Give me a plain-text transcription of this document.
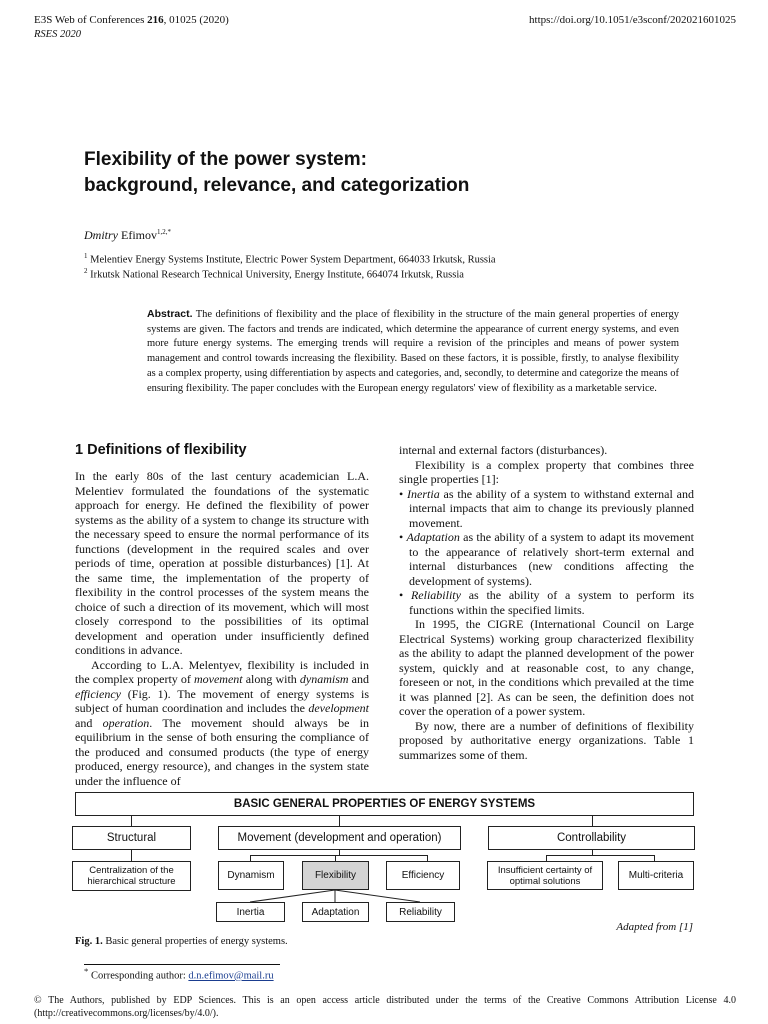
E3S Web of Conferences 216, 01025 (2020)
RSES 2020
https://doi.org/10.1051/e3sconf/202021601025
Flexibility of the power system:
background, relevance, and categorization
Dmitry Efimov$^{1,2,*}$
$^1$ Melentiev Energy Systems Institute, Electric Power System Department, 664033 Irkutsk, Russia
$^2$ Irkutsk National Research Technical University, Energy Institute, 664074 Irkutsk, Russia
Abstract. The definitions of flexibility and the place of flexibility in the structure of the main general properties of energy systems are given. The factors and trends are indicated, which determine the appearance of current energy systems, and even more future energy systems. The emerging trends will require a revision of the principles and means of power system management and control towards increasing the flexibility. Based on these factors, it is possible, firstly, to analyse flexibility as a complex property, using differentiation by aspects and categories, and, secondly, to determine and categorize the means of ensuring flexibility. The paper concludes with the European energy regulators' view of flexibility as a marketable service.
1 Definitions of flexibility

In the early 80s of the last century academician L.A. Melentiev formulated the foundations of the systematic approach for energy. He defined the flexibility of power systems as the ability of a system to change its structure with the necessary speed to ensure the normal performance of its functions (development in the required scales and over periods of time, operation at possible disturbances) [1]. At the same time, the implementation of the property of flexibility in the control processes of the system means the choice of such a direction of its movement, which will most closely correspond to the possibilities of its optimal development and operation under insufficiently defined conditions in advance.

According to L.A. Melentyev, flexibility is included in the complex property of movement along with dynamism and efficiency (Fig. 1). The movement of energy systems is subject of human coordination and includes the development and operation. The movement should always be in equilibrium in the sense of both ensuring the compliance of the produced and consumed products (the type of energy produced, energy resource), and changes in the system state under the influence of

internal and external factors (disturbances).

Flexibility is a complex property that combines three single properties [1]:

• Inertia as the ability of a system to withstand external and internal impacts that aim to change its previously planned movement.

• Adaptation as the ability of a system to adapt its movement to the appearance of relatively short-term external and internal disturbances (new conditions affecting the development of systems).

• Reliability as the ability of a system to perform its functions within the specified limits.

In 1995, the CIGRE (International Council on Large Electrical Systems) working group characterized flexibility as the ability to adapt the planned development of the power system, quickly and at reasonable cost, to any change, foreseen or not, in the conditions which prevailed at the time it was planned [2]. As can be seen, the definition does not cover the operation of a power system.

By now, there are a number of definitions of flexibility proposed by authoritative energy organizations. Table 1 summarizes some of them.

BASIC GENERAL PROPERTIES OF ENERGY SYSTEMS
Structural	Movement (development and operation)	Controllability
Centralization of the hierarchical structure
Dynamism	Flexibility	Efficiency	Insufficient certainty of optimal solutions	Multi-criteria
Inertia	Adaptation	Reliability
Adapted from [1]
Fig. 1. Basic general properties of energy systems.
* Corresponding author: d.n.efimov@mail.ru
© The Authors, published by EDP Sciences. This is an open access article distributed under the terms of the Creative Commons Attribution License 4.0 (http://creativecommons.org/licenses/by/4.0/).
